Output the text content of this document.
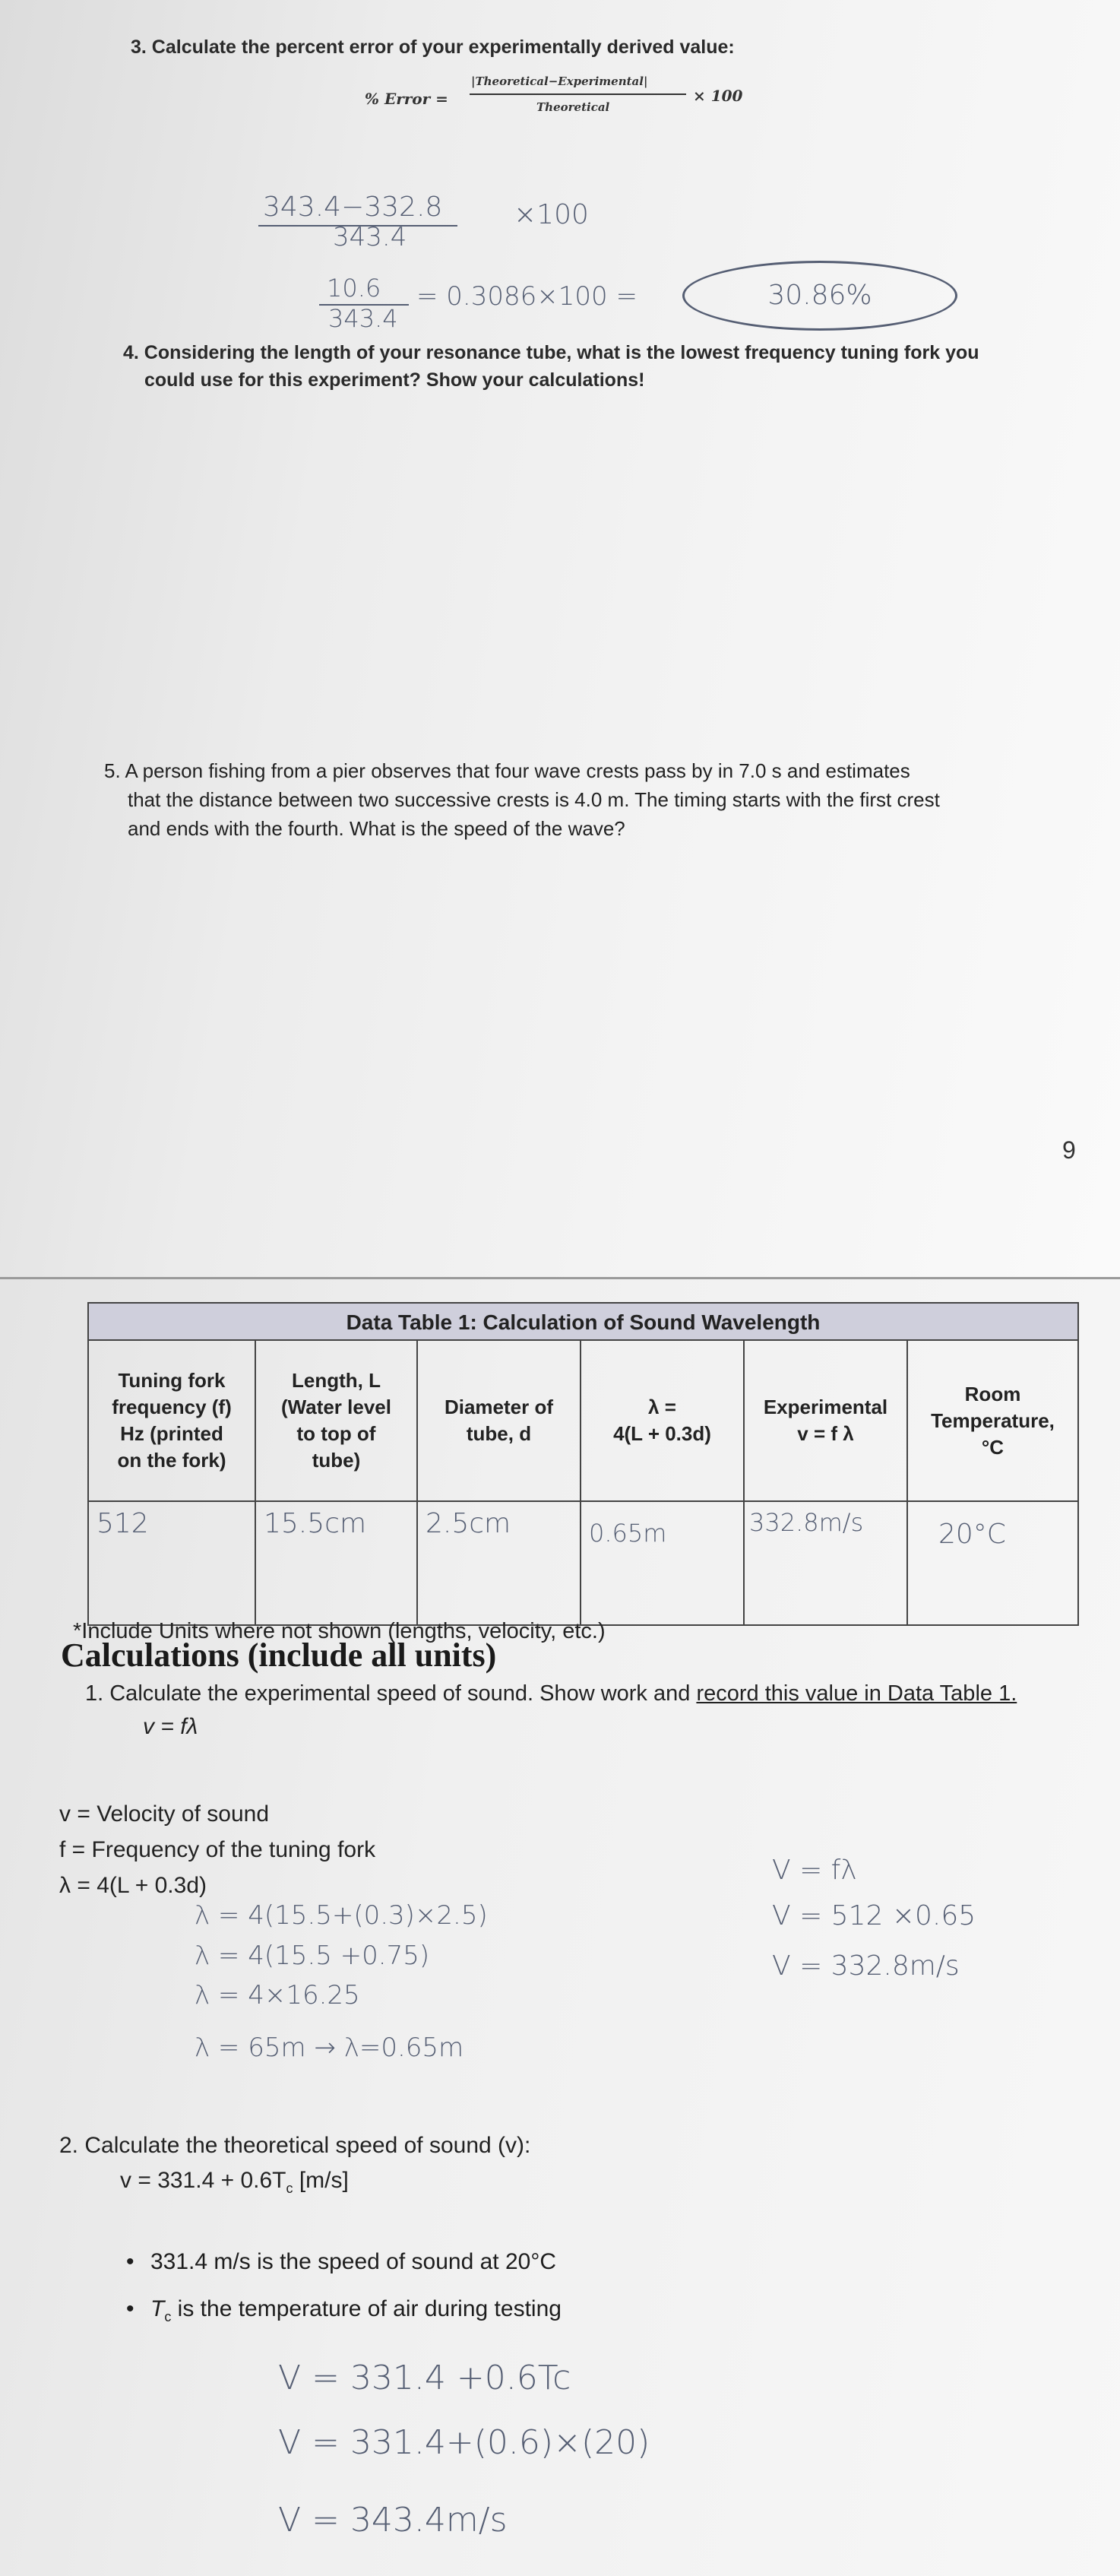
3. Calculate the percent error of your experimentally derived value:
% Error =
|Theoretical−Experimental|
Theoretical
× 100
343.4−332.8
343.4
×100
10.6
343.4
= 0.3086×100 =	30.86%
4. Considering the length of your resonance tube, what is the lowest frequency tuning fork you
could use for this experiment? Show your calculations!
5. A person fishing from a pier observes that four wave crests pass by in 7.0 s and estimates
that the distance between two successive crests is 4.0 m. The timing starts with the first crest
and ends with the fourth. What is the speed of the wave?
9
Data Table 1: Calculation of Sound Wavelength
Tuning fork
frequency (f)
Hz (printed
on the fork)
Length, L
(Water level
to top of
tube)
Diameter of
tube, d
λ =
4(L + 0.3d)
Experimental
v = f λ
Room
Temperature,
°C
512	15.5cm 2.5cm	0.65m	332.8m/s	20°C
*Include Units where not shown (lengths, velocity, etc.)
Calculations (include all units)
1. Calculate the experimental speed of sound. Show work and record this value in Data Table 1.
v = fλ
v = Velocity of sound
f = Frequency of the tuning fork
λ = 4(L + 0.3d)
λ = 4(15.5+(0.3)×2.5)
λ = 4(15.5 +0.75)
λ = 4×16.25
λ = 65m → λ=0.65m
V = fλ
V = 512 ×0.65
V = 332.8m/s
2. Calculate the theoretical speed of sound (v):
$v = 331.4 + 0.6T_c$ [m/s]
• 331.4 m/s is the speed of sound at 20°C
• $T_c$ is the temperature of air during testing
V = 331.4 +0.6Tc
V = 331.4+(0.6)×(20)
V = 343.4m/s
